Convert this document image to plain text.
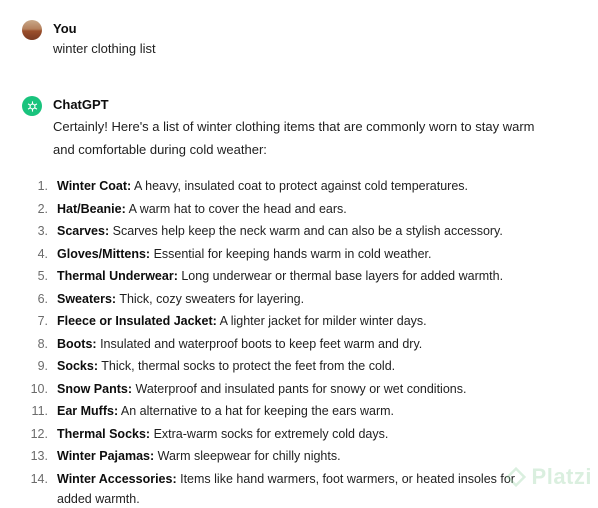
You
winter clothing list
ChatGPT
Certainly! Here's a list of winter clothing items that are commonly worn to stay warm and comfortable during cold weather:
1. Winter Coat: A heavy, insulated coat to protect against cold temperatures.
2. Hat/Beanie: A warm hat to cover the head and ears.
3. Scarves: Scarves help keep the neck warm and can also be a stylish accessory.
4. Gloves/Mittens: Essential for keeping hands warm in cold weather.
5. Thermal Underwear: Long underwear or thermal base layers for added warmth.
6. Sweaters: Thick, cozy sweaters for layering.
7. Fleece or Insulated Jacket: A lighter jacket for milder winter days.
8. Boots: Insulated and waterproof boots to keep feet warm and dry.
9. Socks: Thick, thermal socks to protect the feet from the cold.
10. Snow Pants: Waterproof and insulated pants for snowy or wet conditions.
11. Ear Muffs: An alternative to a hat for keeping the ears warm.
12. Thermal Socks: Extra-warm socks for extremely cold days.
13. Winter Pajamas: Warm sleepwear for chilly nights.
14. Winter Accessories: Items like hand warmers, foot warmers, or heated insoles for
added warmth.
Platzi
